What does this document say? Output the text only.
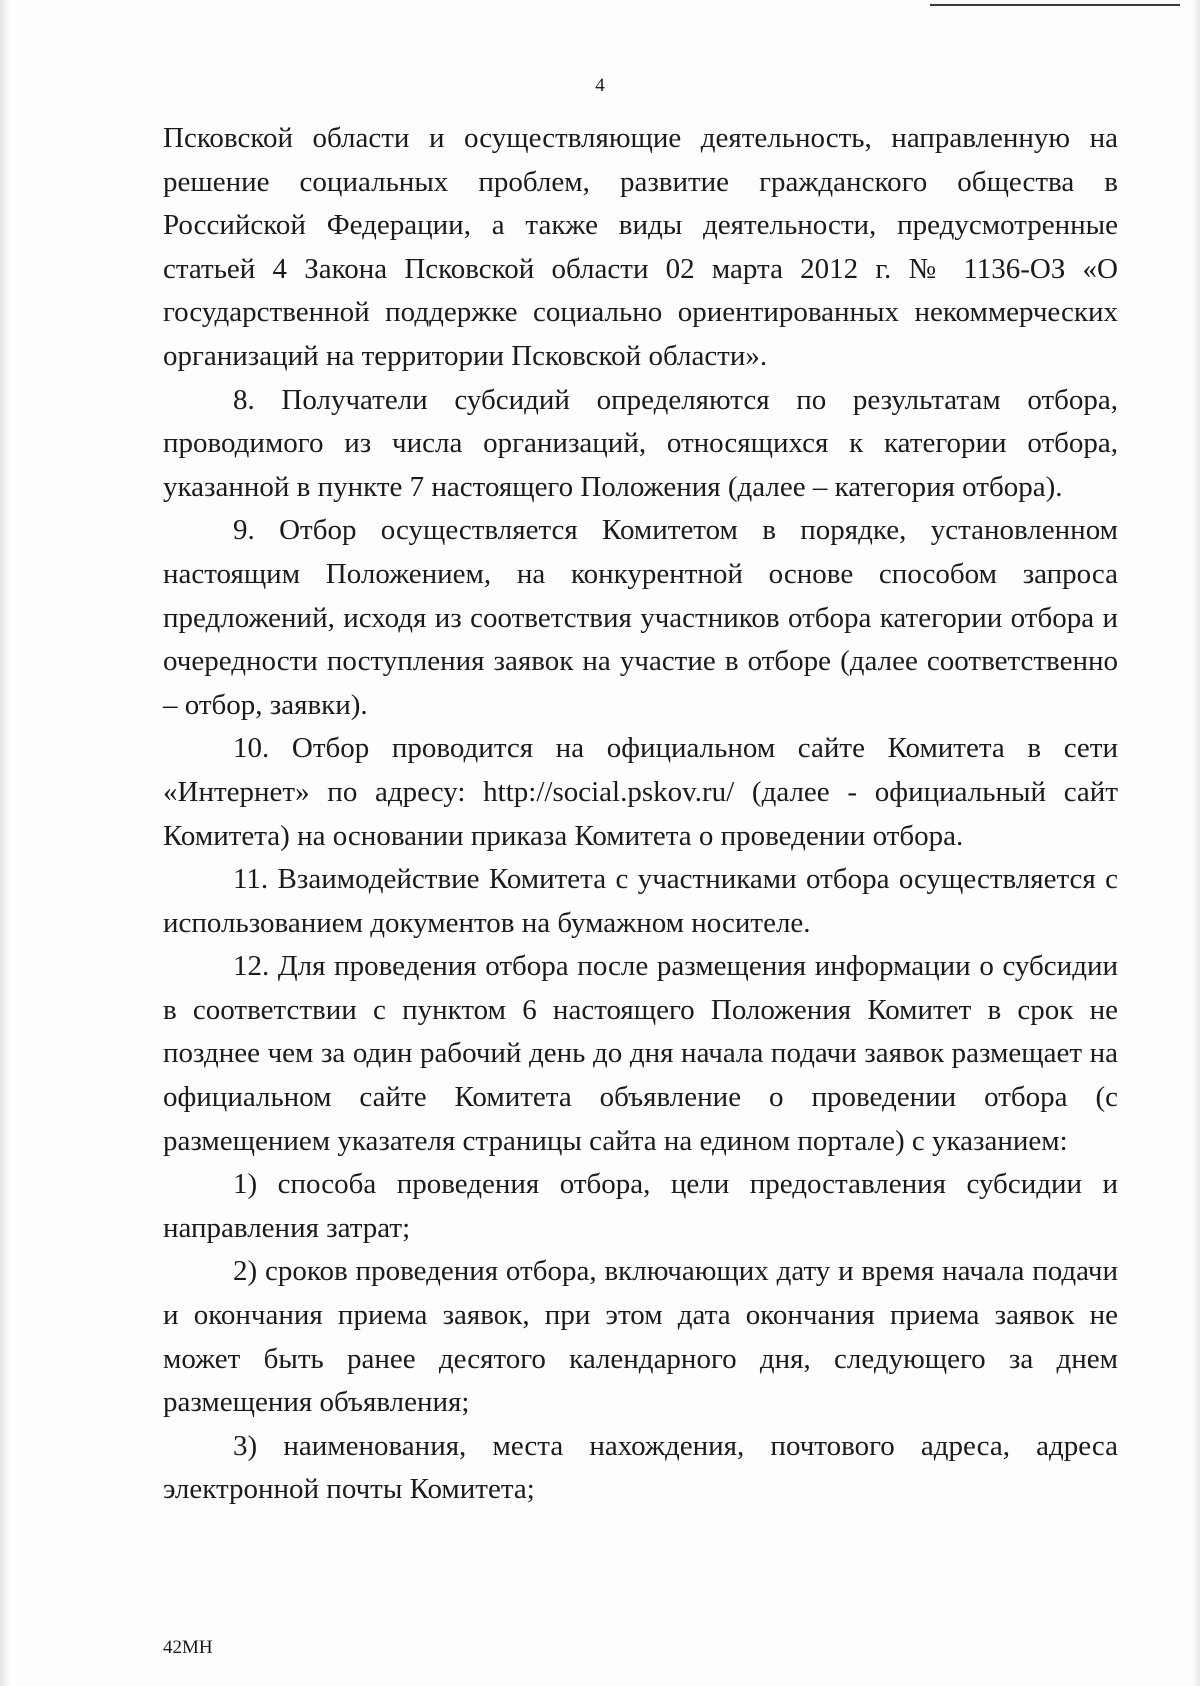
4

Псковской области и осуществляющие деятельность, направленную на решение социальных проблем, развитие гражданского общества в Российской Федерации, а также виды деятельности, предусмотренные статьей 4 Закона Псковской области 02 марта 2012 г. № 1136-ОЗ «О государственной поддержке социально ориентированных некоммерческих организаций на территории Псковской области».

8. Получатели субсидий определяются по результатам отбора, проводимого из числа организаций, относящихся к категории отбора, указанной в пункте 7 настоящего Положения (далее – категория отбора).

9. Отбор осуществляется Комитетом в порядке, установленном настоящим Положением, на конкурентной основе способом запроса предложений, исходя из соответствия участников отбора категории отбора и очередности поступления заявок на участие в отборе (далее соответственно – отбор, заявки).

10. Отбор проводится на официальном сайте Комитета в сети «Интернет» по адресу: http://social.pskov.ru/ (далее - официальный сайт Комитета) на основании приказа Комитета о проведении отбора.

11. Взаимодействие Комитета с участниками отбора осуществляется с использованием документов на бумажном носителе.

12. Для проведения отбора после размещения информации о субсидии в соответствии с пунктом 6 настоящего Положения Комитет в срок не позднее чем за один рабочий день до дня начала подачи заявок размещает на официальном сайте Комитета объявление о проведении отбора (с размещением указателя страницы сайта на едином портале) с указанием:

1) способа проведения отбора, цели предоставления субсидии и направления затрат;

2) сроков проведения отбора, включающих дату и время начала подачи и окончания приема заявок, при этом дата окончания приема заявок не может быть ранее десятого календарного дня, следующего за днем размещения объявления;

3) наименования, места нахождения, почтового адреса, адреса электронной почты Комитета;

42МН
